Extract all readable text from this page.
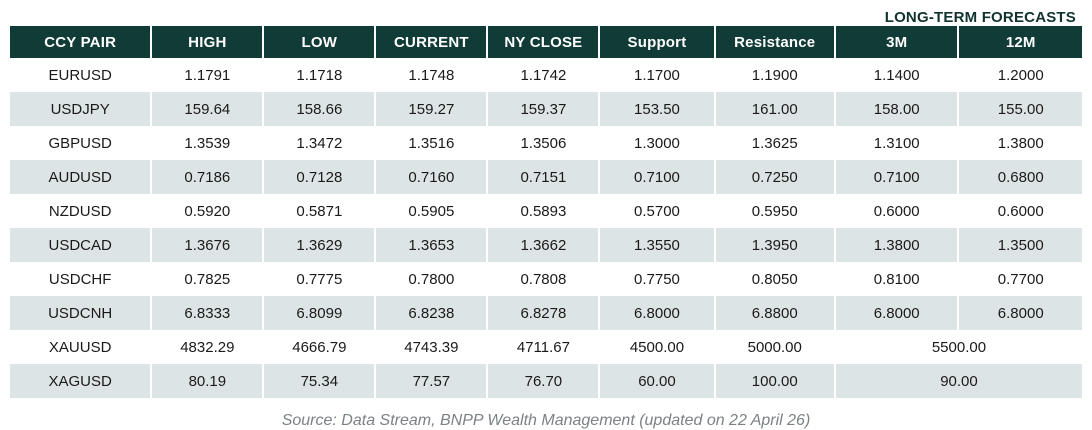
LONG-TERM FORECASTS
CCY PAIR	HIGH	LOW	CURRENT	NY CLOSE	Support	Resistance	3M	12M
EURUSD	1.1791	1.1718	1.1748	1.1742	1.1700	1.1900	1.1400	1.2000
USDJPY	159.64	158.66	159.27	159.37	153.50	161.00	158.00	155.00
GBPUSD	1.3539	1.3472	1.3516	1.3506	1.3000	1.3625	1.3100	1.3800
AUDUSD	0.7186	0.7128	0.7160	0.7151	0.7100	0.7250	0.7100	0.6800
NZDUSD	0.5920	0.5871	0.5905	0.5893	0.5700	0.5950	0.6000	0.6000
USDCAD	1.3676	1.3629	1.3653	1.3662	1.3550	1.3950	1.3800	1.3500
USDCHF	0.7825	0.7775	0.7800	0.7808	0.7750	0.8050	0.8100	0.7700
USDCNH	6.8333	6.8099	6.8238	6.8278	6.8000	6.8800	6.8000	6.8000
XAUUSD	4832.29	4666.79	4743.39	4711.67	4500.00	5000.00	5500.00	
XAGUSD	80.19	75.34	77.57	76.70	60.00	100.00	90.00	
Source: Data Stream, BNPP Wealth Management (updated on 22 April 26)
